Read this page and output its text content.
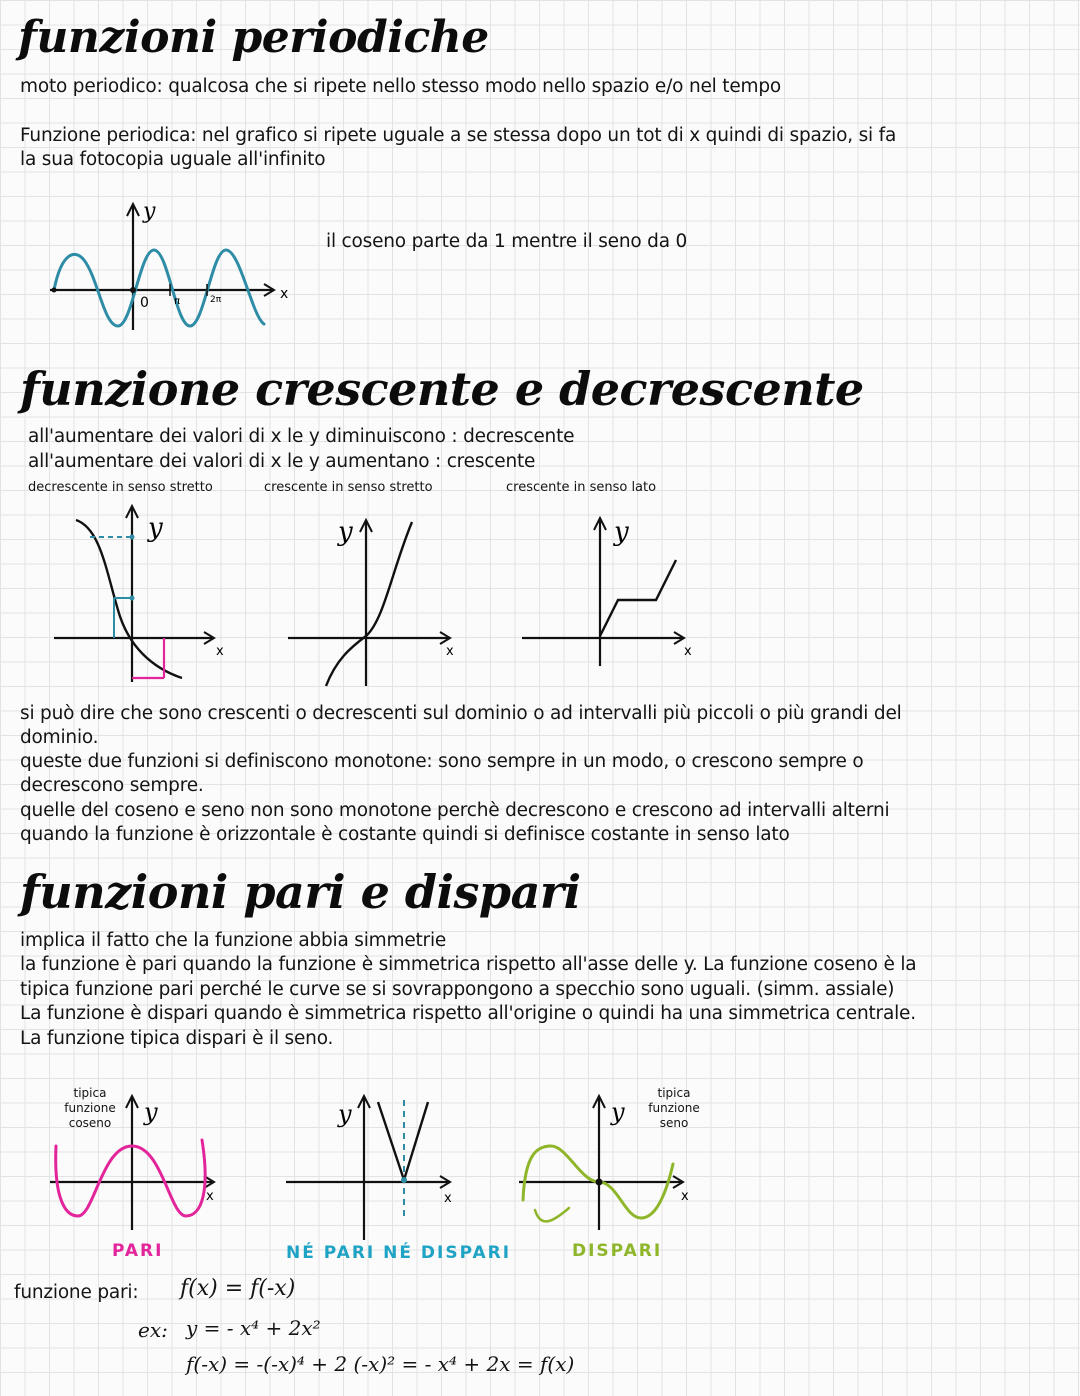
funzioni periodiche
moto periodico: qualcosa che si ripete nello stesso modo nello spazio e/o nel tempo
Funzione periodica: nel grafico si ripete uguale a se stessa dopo un tot di x quindi di spazio, si fa
la sua fotocopia uguale all'infinito
0	π	2π
y
x
il coseno parte da 1 mentre il seno da 0
funzione crescente e decrescente
all'aumentare dei valori di x le y diminuiscono : decrescente
all'aumentare dei valori di x le y aumentano : crescente
decrescente in senso stretto	crescente in senso stretto	crescente in senso lato
y
x
y
x
y
x
si può dire che sono crescenti o decrescenti sul dominio o ad intervalli più piccoli o più grandi del
dominio.
queste due funzioni si definiscono monotone: sono sempre in un modo, o crescono sempre o
decrescono sempre.
quelle del coseno e seno non sono monotone perchè decrescono e crescono ad intervalli alterni
quando la funzione è orizzontale è costante quindi si definisce costante in senso lato
funzioni pari e dispari
implica il fatto che la funzione abbia simmetrie
la funzione è pari quando la funzione è simmetrica rispetto all'asse delle y. La funzione coseno è la
tipica funzione pari perché le curve se si sovrappongono a specchio sono uguali. (simm. assiale)
La funzione è dispari quando è simmetrica rispetto all'origine o quindi ha una simmetrica centrale.
La funzione tipica dispari è il seno.
tipica
funzione
coseno	y
x
y
x
y
x
tipica
funzione
seno
PARI	NÉ PARI NÉ DISPARI	DISPARI
funzione pari: f(x) = f(-x)
ex: y = - x⁴ + 2x²
f(-x) = -(-x)⁴ + 2 (-x)² = - x⁴ + 2x = f(x)
